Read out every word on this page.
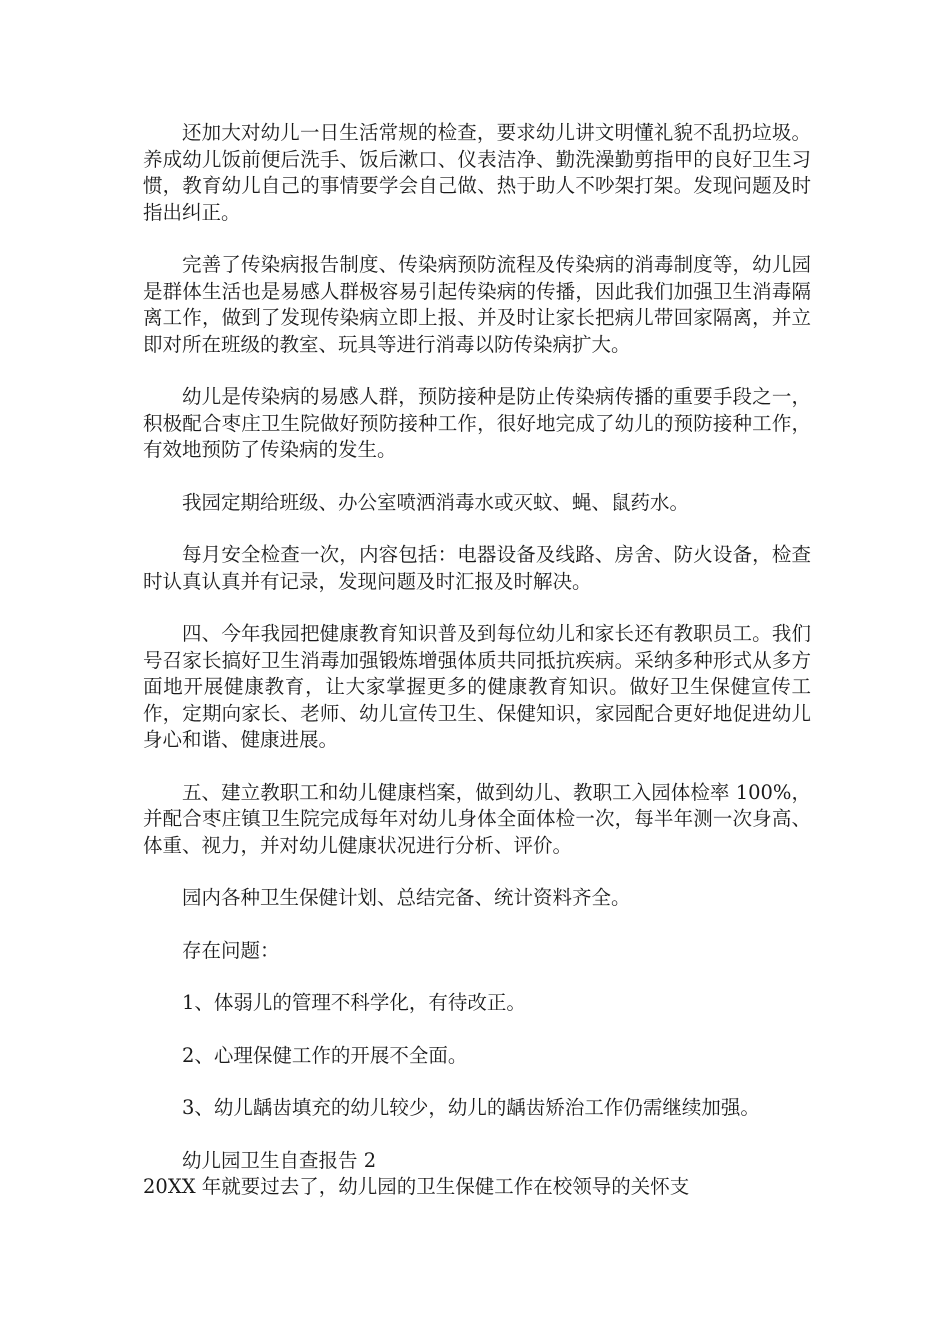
还加大对幼儿一日生活常规的检查，要求幼儿讲文明懂礼貌不乱扔垃圾。养成幼儿饭前便后洗手、饭后漱口、仪表洁净、勤洗澡勤剪指甲的良好卫生习惯，教育幼儿自己的事情要学会自己做、热于助人不吵架打架。发现问题及时指出纠正。

完善了传染病报告制度、传染病预防流程及传染病的消毒制度等，幼儿园是群体生活也是易感人群极容易引起传染病的传播，因此我们加强卫生消毒隔离工作，做到了发现传染病立即上报、并及时让家长把病儿带回家隔离，并立即对所在班级的教室、玩具等进行消毒以防传染病扩大。

幼儿是传染病的易感人群，预防接种是防止传染病传播的重要手段之一，积极配合枣庄卫生院做好预防接种工作，很好地完成了幼儿的预防接种工作，有效地预防了传染病的发生。

我园定期给班级、办公室喷洒消毒水或灭蚊、蝇、鼠药水。

每月安全检查一次，内容包括：电器设备及线路、房舍、防火设备，检查时认真认真并有记录，发现问题及时汇报及时解决。

四、今年我园把健康教育知识普及到每位幼儿和家长还有教职员工。我们号召家长搞好卫生消毒加强锻炼增强体质共同抵抗疾病。采纳多种形式从多方面地开展健康教育，让大家掌握更多的健康教育知识。做好卫生保健宣传工作，定期向家长、老师、幼儿宣传卫生、保健知识，家园配合更好地促进幼儿身心和谐、健康进展。

五、建立教职工和幼儿健康档案，做到幼儿、教职工入园体检率 100%，并配合枣庄镇卫生院完成每年对幼儿身体全面体检一次，每半年测一次身高、体重、视力，并对幼儿健康状况进行分析、评价。

园内各种卫生保健计划、总结完备、统计资料齐全。

存在问题：

1、体弱儿的管理不科学化，有待改正。

2、心理保健工作的开展不全面。

3、幼儿龋齿填充的幼儿较少，幼儿的龋齿矫治工作仍需继续加强。

幼儿园卫生自查报告 2

20XX 年就要过去了，幼儿园的卫生保健工作在校领导的关怀支
